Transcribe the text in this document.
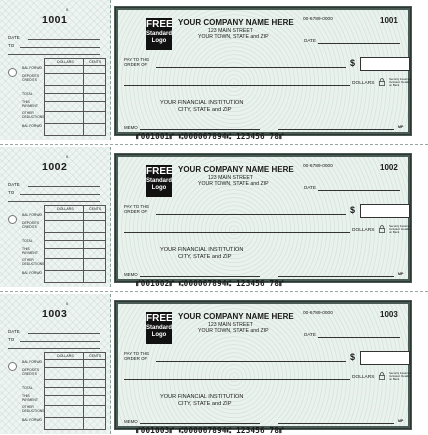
1001
0
DATE
TO
DOLLARS	CENTS
BAL FORWD
DEPOSITS CREDITS
TOTAL
THIS PAYMENT
OTHER DEDUCTIONS
BAL FORWD
FREE
Standard
Logo
YOUR COMPANY NAME HERE
123 MAIN STREET
YOUR TOWN, STATE and ZIP
00-6789-0000	1001
DATE
PAY TO THE
ORDER OF	$
DOLLARS
Security Features Included. Details on Back.
YOUR FINANCIAL INSTITUTION
CITY, STATE and ZIP
MEMO	MP
⑈001001⑈ ⑆000067894⑆ 123456 78⑈
1002
0
DATE
TO
DOLLARS	CENTS
BAL FORWD
DEPOSITS CREDITS
TOTAL
THIS PAYMENT
OTHER DEDUCTIONS
BAL FORWD
FREE
Standard
Logo
YOUR COMPANY NAME HERE
123 MAIN STREET
YOUR TOWN, STATE and ZIP
00-6789-0000	1002
DATE
PAY TO THE
ORDER OF	$
DOLLARS
Security Features Included. Details on Back.
YOUR FINANCIAL INSTITUTION
CITY, STATE and ZIP
MEMO	MP
⑈001002⑈ ⑆000067894⑆ 123456 78⑈
1003
0
DATE
TO
DOLLARS	CENTS
BAL FORWD
DEPOSITS CREDITS
TOTAL
THIS PAYMENT
OTHER DEDUCTIONS
BAL FORWD
FREE
Standard
Logo
YOUR COMPANY NAME HERE
123 MAIN STREET
YOUR TOWN, STATE and ZIP
00-6789-0000	1003
DATE
PAY TO THE
ORDER OF	$
DOLLARS
Security Features Included. Details on Back.
YOUR FINANCIAL INSTITUTION
CITY, STATE and ZIP
MEMO	MP
⑈001003⑈ ⑆000067894⑆ 123456 78⑈
